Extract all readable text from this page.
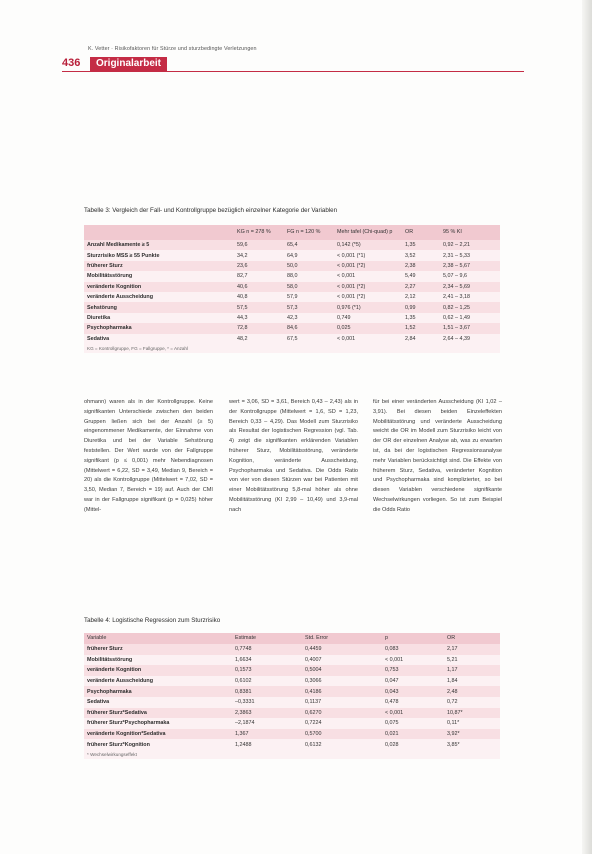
K. Vetter · Risikofaktoren für Stürze und sturzbedingte Verletzungen
436	Originalarbeit
Tabelle 3: Vergleich der Fall- und Kontrollgruppe bezüglich einzelner Kategorie der Variablen
	KG n = 278 %	FG n = 120 %	Mehr tafel (Chi-quad) p	OR	95 % KI
Anzahl Medikamente ≥ 5	59,6	65,4	0,142 (*5)	1,35	0,92 – 2,21
Sturzrisiko MSS ≥ 55 Punkte	34,2	64,9	< 0,001 (*1)	3,52	2,31 – 5,33
früherer Sturz	23,6	50,0	< 0,001 (*2)	2,38	2,38 – 5,67
Mobilitätsstörung	82,7	88,0	< 0,001	5,49	5,07 – 9,6
veränderte Kognition	40,6	58,0	< 0,001 (*2)	2,27	2,34 – 5,69
veränderte Ausscheidung	40,8	57,9	< 0,001 (*2)	2,12	2,41 – 3,18
Sehstörung	57,5	57,3	0,976 (*1)	0,99	0,82 – 1,25
Diuretika	44,3	42,3	0,749	1,35	0,62 – 1,49
Psychopharmaka	72,8	84,6	0,025	1,52	1,51 – 3,67
Sedativa	48,2	67,5	< 0,001	2,84	2,64 – 4,39
KG = Kontrollgruppe, FG = Fallgruppe, * = Anzahl					
ohmann) waren als in der Kontrollgruppe. Keine signifikanten Unterschiede zwischen den beiden Gruppen ließen sich bei der Anzahl (≥ 5) eingenommener Medikamente, der Einnahme von Diuretika und bei der Variable Sehstörung feststellen. Der Wert wurde von der Fallgruppe signifikant (p ≤ 0,001) mehr Nebendiagnosen (Mittelwert = 6,22, SD = 3,49, Median 9, Bereich = 20) als die Kontrollgruppe (Mittelwert = 7,02, SD = 3,50, Median 7, Bereich = 19) auf. Auch der CMI war in der Fallgruppe signifikant (p = 0,025) höher (Mittel-
wert = 3,06, SD = 3,61, Bereich 0,43 – 2,43) als in der Kontrollgruppe (Mittelwert = 1,6, SD = 1,23, Bereich 0,33 – 4,29). Das Modell zum Sturzrisiko als Resultat der logistischen Regression (vgl. Tab. 4) zeigt die signifikanten erklärenden Variablen früherer Sturz, Mobilitätsstörung, veränderte Kognition, veränderte Ausscheidung, Psychopharmaka und Sedativa. Die Odds Ratio von vier von diesen Stürzen war bei Patienten mit einer Mobilitätsstörung 5,8-mal höher als ohne Mobilitätsstörung (KI 2,99 – 10,49) und 3,9-mal nach
für bei einer veränderten Ausscheidung (KI 1,02 – 3,91). Bei diesen beiden Einzeleffekten Mobilitätsstörung und veränderte Ausscheidung weicht die OR im Modell zum Sturzrisiko leicht von der OR der einzelnen Analyse ab, was zu erwarten ist, da bei der logistischen Regressionsanalyse mehr Variablen berücksichtigt sind. Die Effekte von früherem Sturz, Sedativa, veränderter Kognition und Psychopharmaka sind komplizierter, so bei diesen Variablen verschiedene signifikante Wechselwirkungen vorliegen. So ist zum Beispiel die Odds Ratio
Tabelle 4: Logistische Regression zum Sturzrisiko
Variable	Estimate	Std. Error	p	OR
früherer Sturz	0,7748	0,4459	0,083	2,17
Mobilitätsstörung	1,6634	0,4007	< 0,001	5,21
veränderte Kognition	0,1573	0,5004	0,753	1,17
veränderte Ausscheidung	0,6102	0,3066	0,047	1,84
Psychopharmaka	0,8381	0,4186	0,043	2,48
Sedativa	–0,3331	0,1137	0,478	0,72
früherer Sturz*Sedativa	2,3863	0,6270	< 0,001	10,87*
früherer Sturz*Psychopharmaka	–2,1874	0,7224	0,075	0,11*
veränderte Kognition*Sedativa	1,367	0,5700	0,021	3,92*
früherer Sturz*Kognition	1,2488	0,6132	0,028	3,85*
* Wechselwirkungseffekt				
